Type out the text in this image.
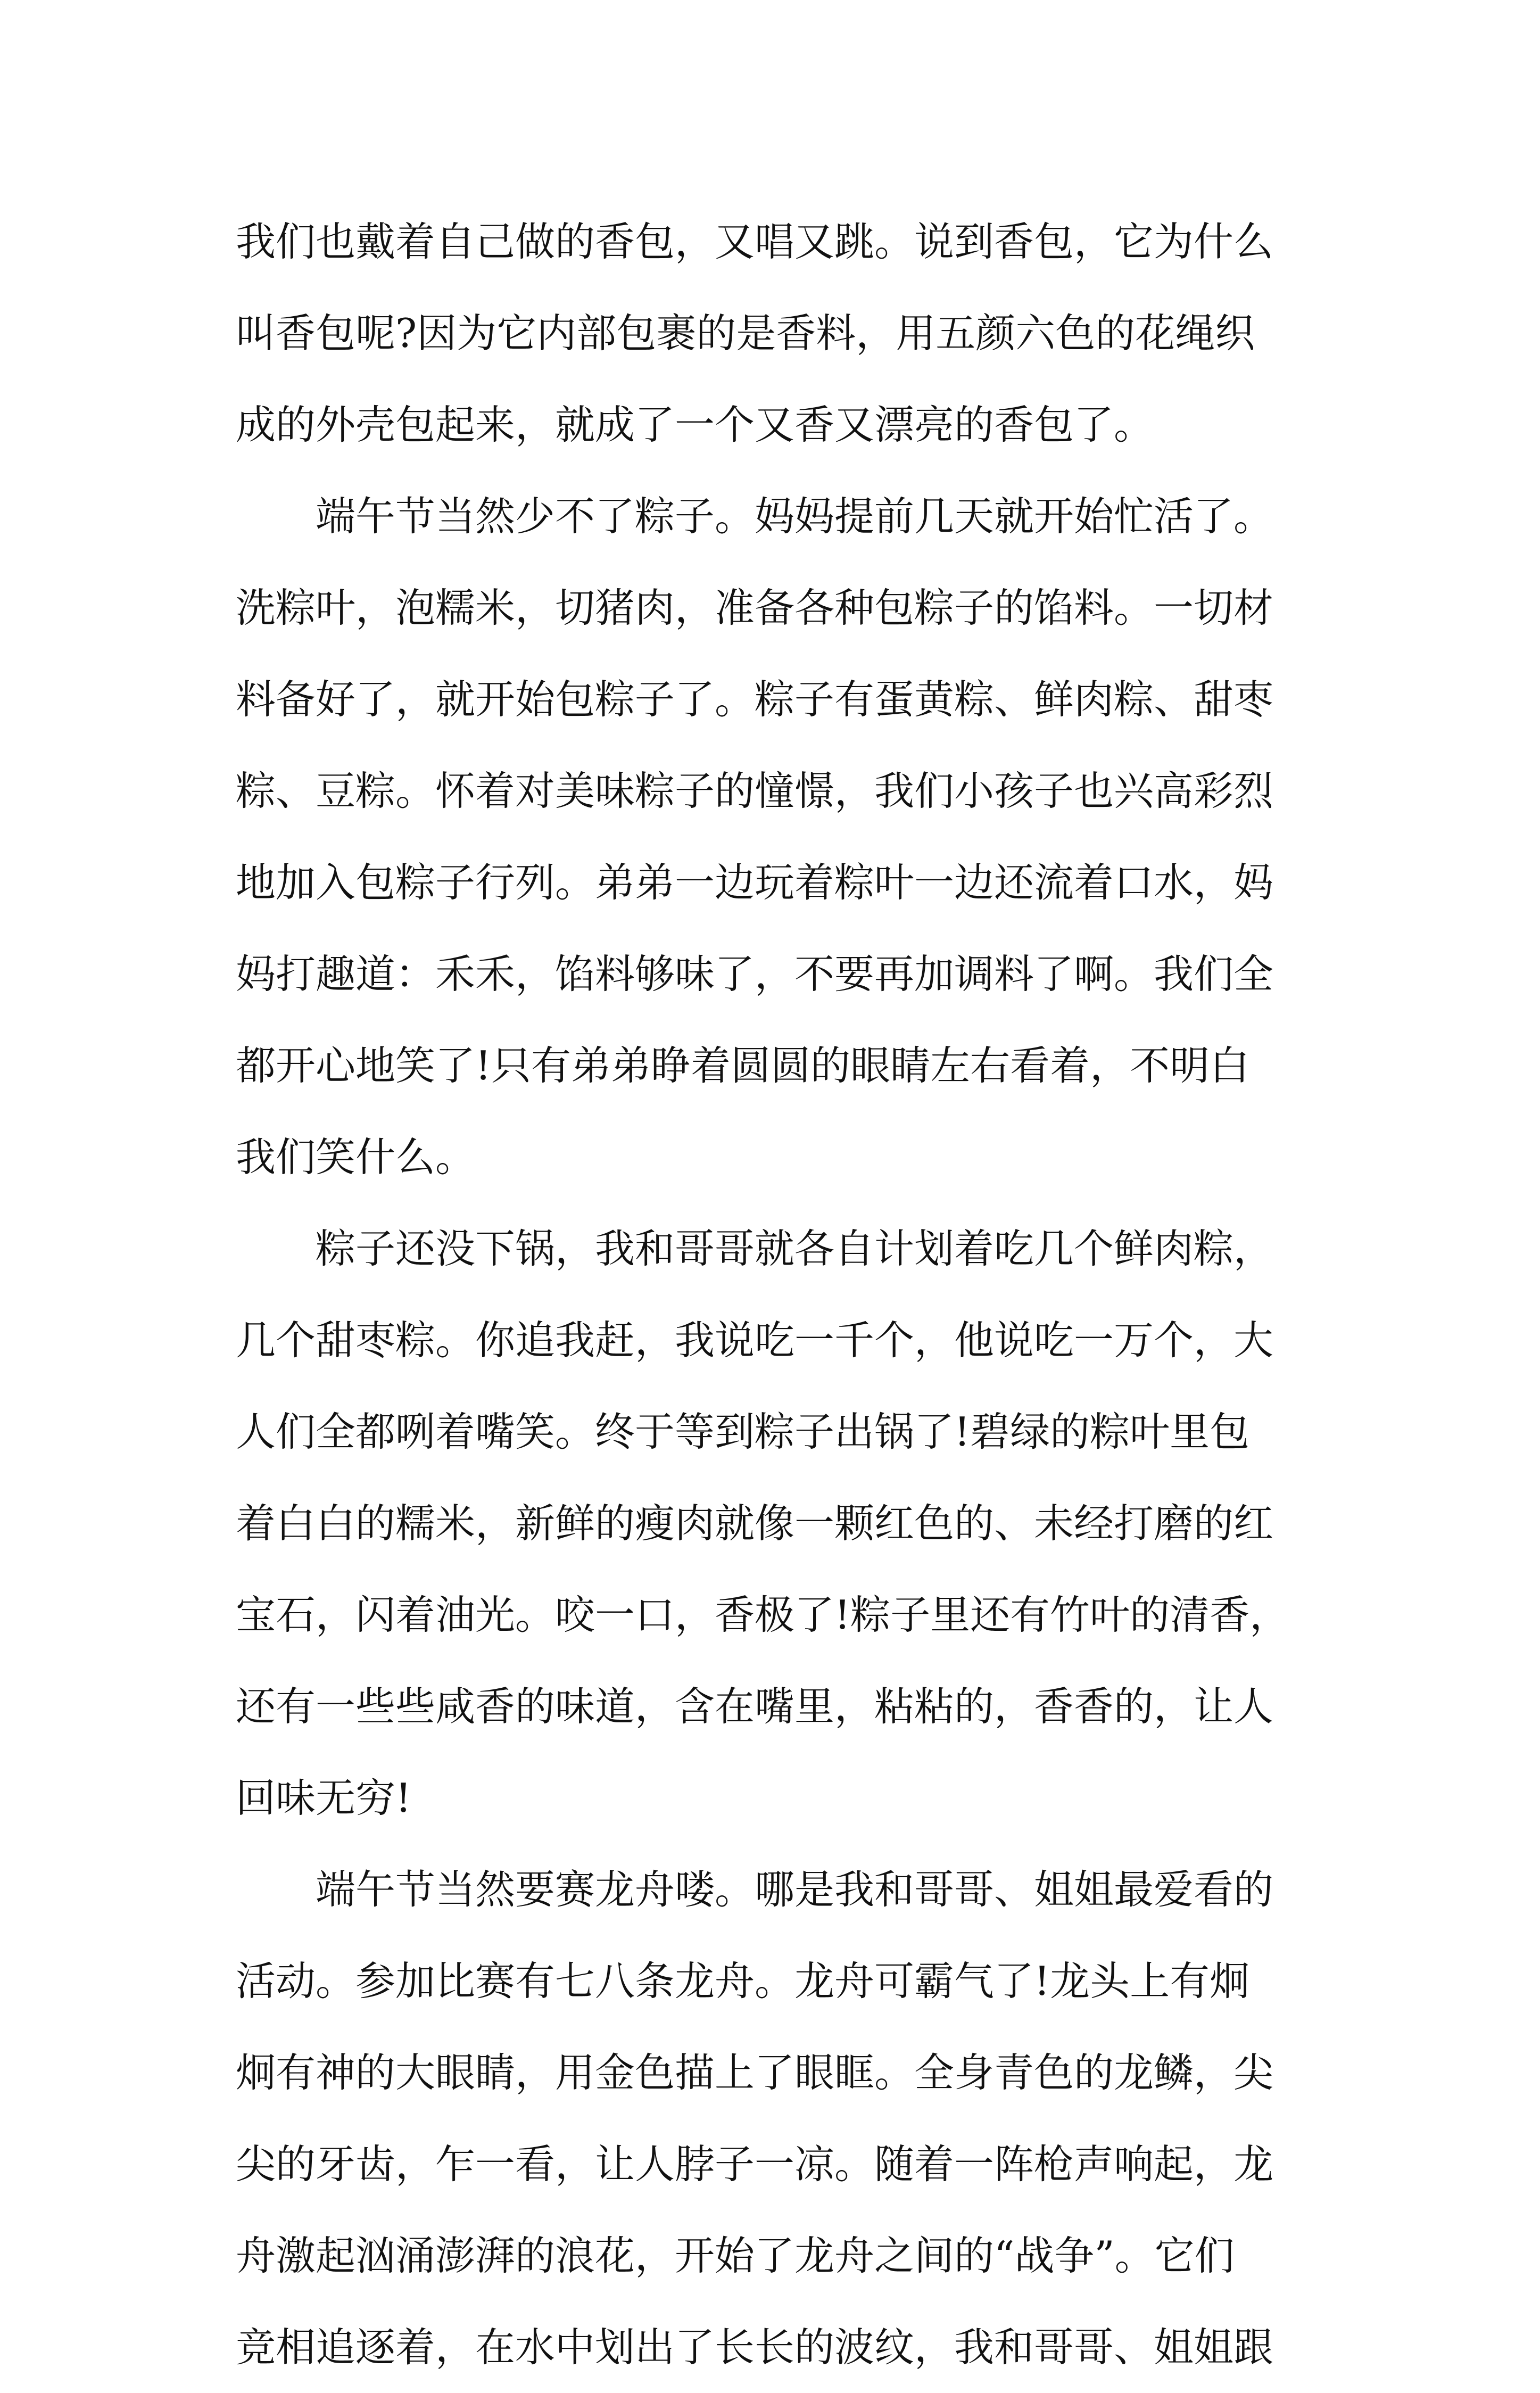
我们也戴着自己做的香包，又唱又跳。说到香包，它为什么
叫香包呢?因为它内部包裹的是香料，用五颜六色的花绳织
成的外壳包起来，就成了一个又香又漂亮的香包了。
端午节当然少不了粽子。妈妈提前几天就开始忙活了。
洗粽叶，泡糯米，切猪肉，准备各种包粽子的馅料。一切材
料备好了，就开始包粽子了。粽子有蛋黄粽、鲜肉粽、甜枣
粽、豆粽。怀着对美味粽子的憧憬，我们小孩子也兴高彩烈
地加入包粽子行列。弟弟一边玩着粽叶一边还流着口水，妈
妈打趣道：禾禾，馅料够味了，不要再加调料了啊。我们全
都开心地笑了!只有弟弟睁着圆圆的眼睛左右看着，不明白
我们笑什么。
粽子还没下锅，我和哥哥就各自计划着吃几个鲜肉粽，
几个甜枣粽。你追我赶，我说吃一千个，他说吃一万个，大
人们全都咧着嘴笑。终于等到粽子出锅了!碧绿的粽叶里包
着白白的糯米，新鲜的瘦肉就像一颗红色的、未经打磨的红
宝石，闪着油光。咬一口，香极了!粽子里还有竹叶的清香，
还有一些些咸香的味道，含在嘴里，粘粘的，香香的，让人
回味无穷!
端午节当然要赛龙舟喽。哪是我和哥哥、姐姐最爱看的
活动。参加比赛有七八条龙舟。龙舟可霸气了!龙头上有炯
炯有神的大眼睛，用金色描上了眼眶。全身青色的龙鳞，尖
尖的牙齿，乍一看，让人脖子一凉。随着一阵枪声响起，龙
舟激起汹涌澎湃的浪花，开始了龙舟之间的“战争”。它们
竞相追逐着，在水中划出了长长的波纹，我和哥哥、姐姐跟
